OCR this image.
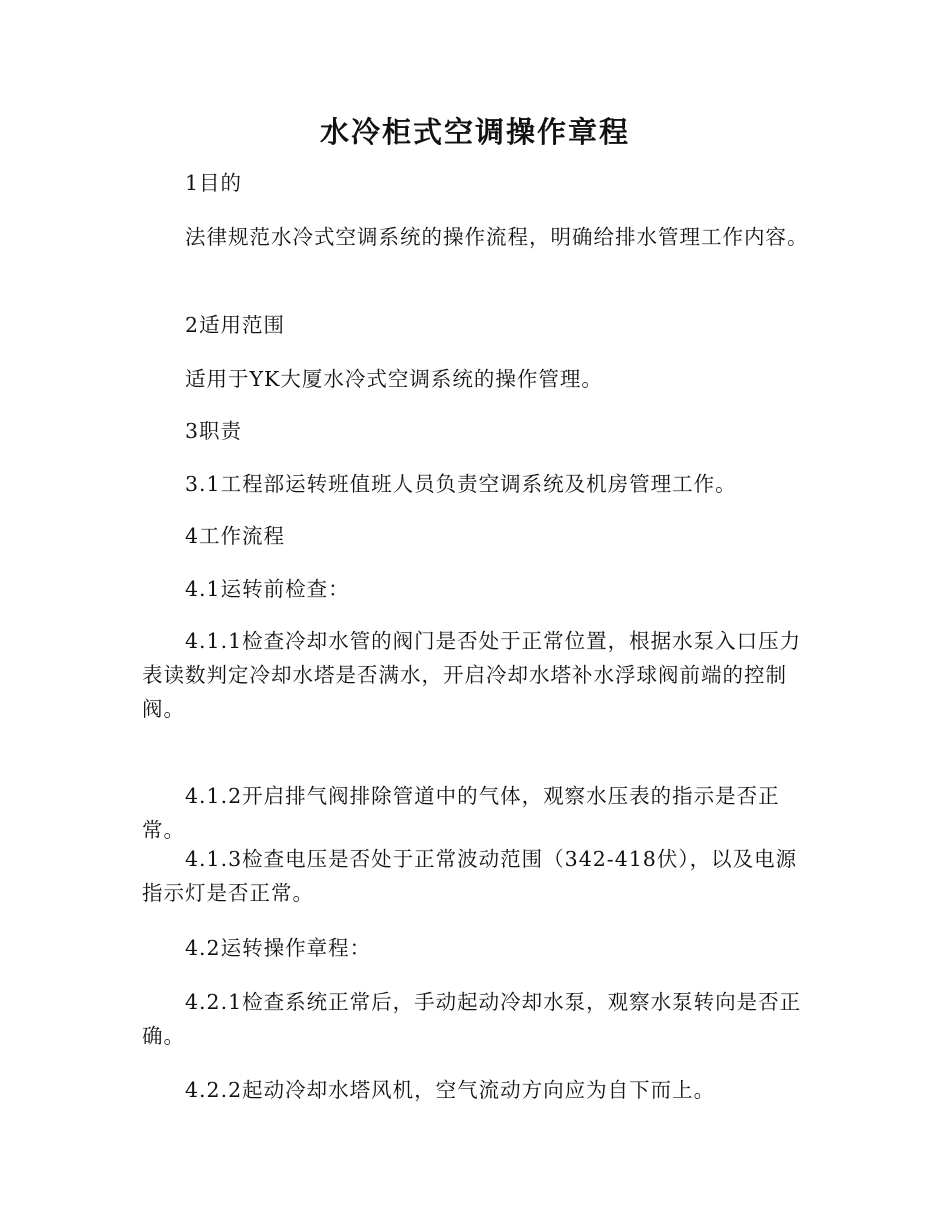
水冷柜式空调操作章程

1目的

法律规范水冷式空调系统的操作流程，明确给排水管理工作内容。

2适用范围

适用于YK大厦水冷式空调系统的操作管理。

3职责

3.1工程部运转班值班人员负责空调系统及机房管理工作。

4工作流程

4.1运转前检查：

4.1.1检查冷却水管的阀门是否处于正常位置，根据水泵入口压力表读数判定冷却水塔是否满水，开启冷却水塔补水浮球阀前端的控制阀。

4.1.2开启排气阀排除管道中的气体，观察水压表的指示是否正常。

4.1.3检查电压是否处于正常波动范围（342-418伏），以及电源指示灯是否正常。

4.2运转操作章程：

4.2.1检查系统正常后，手动起动冷却水泵，观察水泵转向是否正确。

4.2.2起动冷却水塔风机，空气流动方向应为自下而上。
